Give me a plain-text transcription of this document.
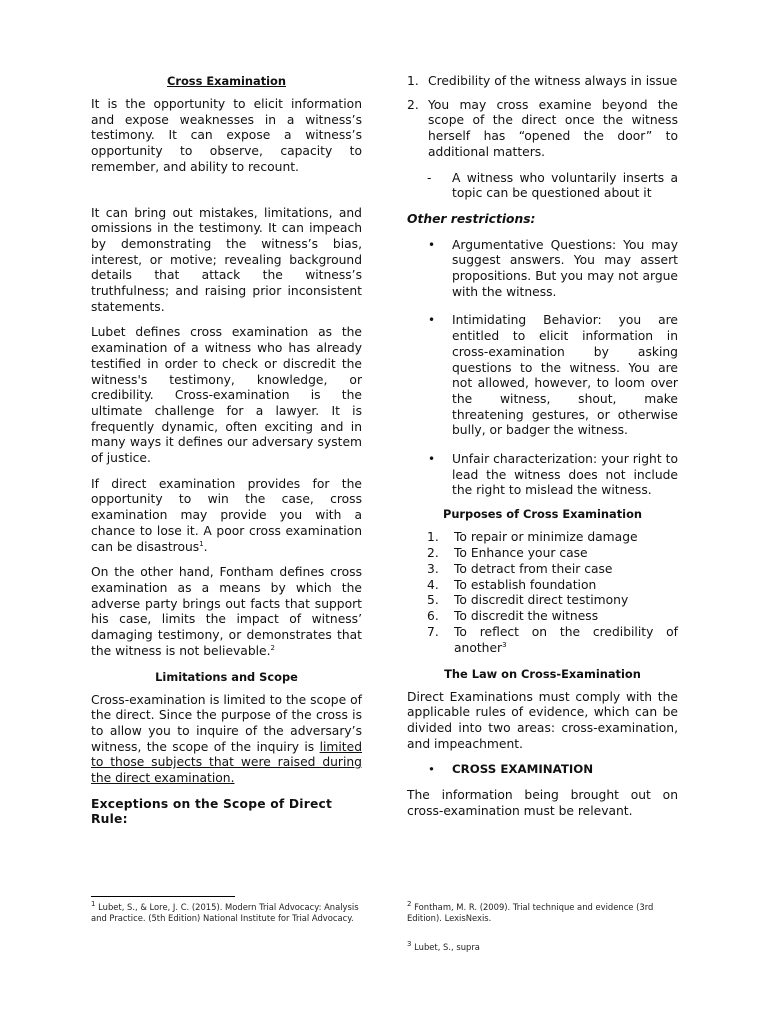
Cross Examination

It is the opportunity to elicit information and expose weaknesses in a witness’s testimony. It can expose a witness’s opportunity to observe, capacity to remember, and ability to recount.

It can bring out mistakes, limitations, and omissions in the testimony. It can impeach by demonstrating the witness’s bias, interest, or motive; revealing background details that attack the witness’s truthfulness; and raising prior inconsistent statements.

Lubet defines cross examination as the examination of a witness who has already testified in order to check or discredit the witness's testimony, knowledge, or credibility. Cross-examination is the ultimate challenge for a lawyer. It is frequently dynamic, often exciting and in many ways it defines our adversary system of justice.

If direct examination provides for the opportunity to win the case, cross examination may provide you with a chance to lose it. A poor cross examination can be disastrous$^1$.

On the other hand, Fontham defines cross examination as a means by which the adverse party brings out facts that support his case, limits the impact of witness’ damaging testimony, or demonstrates that the witness is not believable.$^2$

Limitations and Scope

Cross-examination is limited to the scope of the direct. Since the purpose of the cross is to allow you to inquire of the adversary’s witness, the scope of the inquiry is limited to those subjects that were raised during the direct examination.

Exceptions on the Scope of Direct Rule:
1. Credibility of the witness always in issue
2. You may cross examine beyond the scope of the direct once the witness herself has “opened the door” to additional matters.
- A witness who voluntarily inserts a topic can be questioned about it
Other restrictions:
• Argumentative Questions: You may suggest answers. You may assert propositions. But you may not argue with the witness.
• Intimidating Behavior: you are entitled to elicit information in cross-examination by asking questions to the witness. You are not allowed, however, to loom over the witness, shout, make threatening gestures, or otherwise bully, or badger the witness.
• Unfair characterization: your right to lead the witness does not include the right to mislead the witness.
Purposes of Cross Examination
1. To repair or minimize damage
2. To Enhance your case
3. To detract from their case
4. To establish foundation
5. To discredit direct testimony
6. To discredit the witness
7. To reflect on the credibility of another$^3$
The Law on Cross-Examination

Direct Examinations must comply with the applicable rules of evidence, which can be divided into two areas: cross-examination, and impeachment.

• CROSS EXAMINATION

The information being brought out on cross-examination must be relevant.

$^1$ Lubet, S., & Lore, J. C. (2015). Modern Trial Advocacy: Analysis and Practice. (5th Edition) National Institute for Trial Advocacy.
$^2$ Fontham, M. R. (2009). Trial technique and evidence (3rd Edition). LexisNexis.
$^3$ Lubet, S., supra
